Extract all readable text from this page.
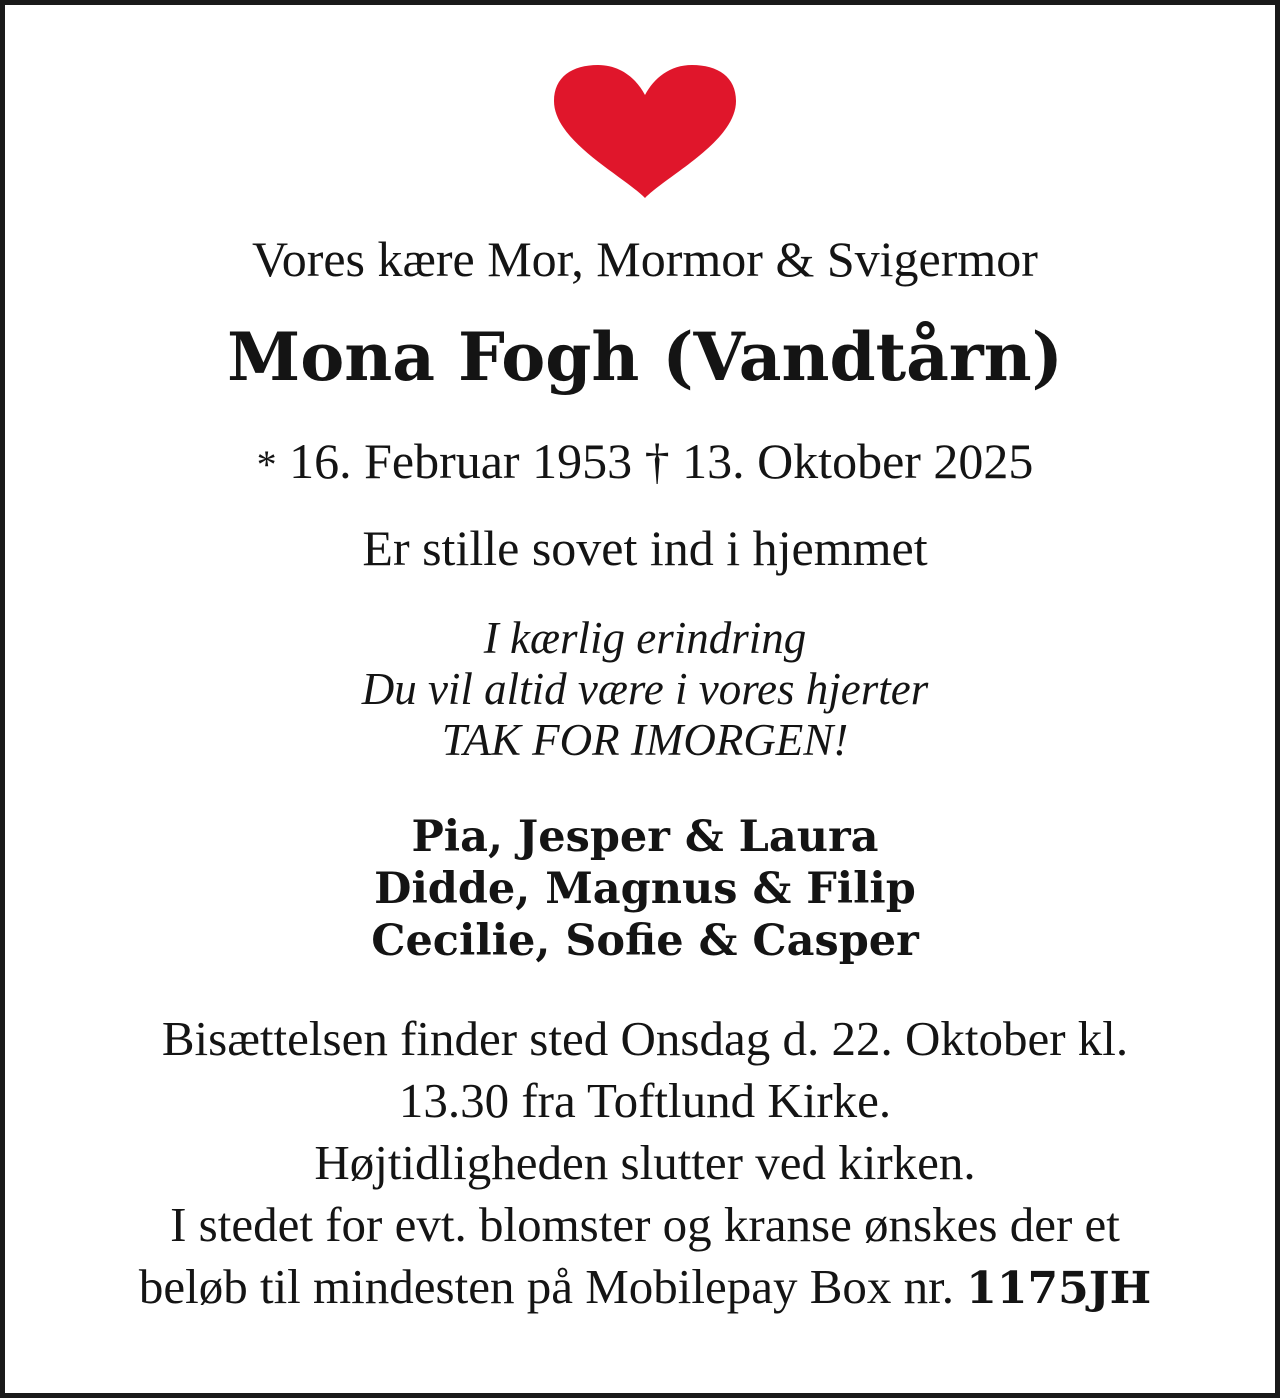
Vores kære Mor, Mormor & Svigermor
Mona Fogh (Vandtårn)
* 16. Februar 1953 † 13. Oktober 2025
Er stille sovet ind i hjemmet
I kærlig erindring
Du vil altid være i vores hjerter
TAK FOR IMORGEN!
Pia, Jesper & Laura
Didde, Magnus & Filip
Cecilie, Sofie & Casper
Bisættelsen finder sted Onsdag d. 22. Oktober kl.
13.30 fra Toftlund Kirke.
Højtidligheden slutter ved kirken.
I stedet for evt. blomster og kranse ønskes der et
beløb til mindesten på Mobilepay Box nr. 1175JH
